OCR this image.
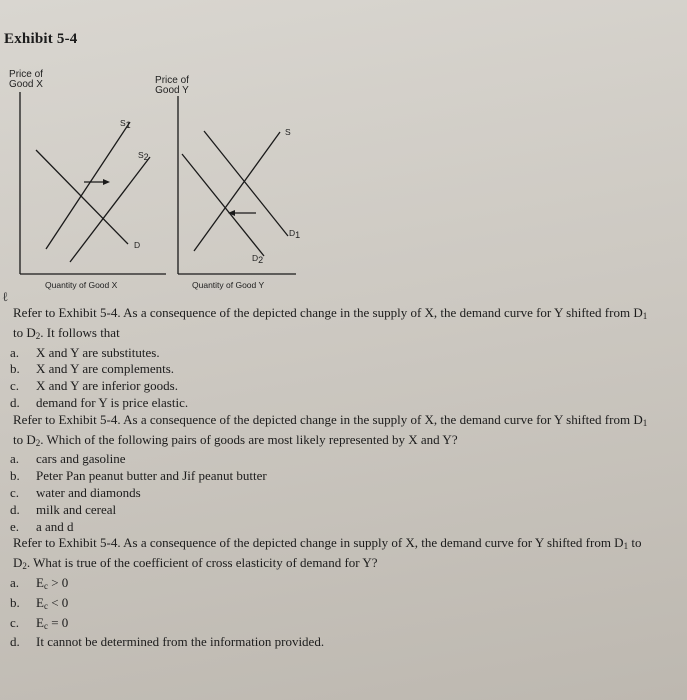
Exhibit 5-4
Price of
Good X
S1
S2
D
Quantity of Good X
Price of
Good Y
S
D1
D2
Quantity of Good Y
ℓ
Refer to Exhibit 5-4. As a consequence of the depicted change in the supply of X, the demand curve for Y shifted from $D_1$ to $D_2$. It follows that
a. X and Y are substitutes.
b. X and Y are complements.
c. X and Y are inferior goods.
d. demand for Y is price elastic.
Refer to Exhibit 5-4. As a consequence of the depicted change in the supply of X, the demand curve for Y shifted from $D_1$ to $D_2$. Which of the following pairs of goods are most likely represented by X and Y?
a. cars and gasoline
b. Peter Pan peanut butter and Jif peanut butter
c. water and diamonds
d. milk and cereal
e. a and d
Refer to Exhibit 5-4. As a consequence of the depicted change in supply of X, the demand curve for Y shifted from $D_1$ to $D_2$. What is true of the coefficient of cross elasticity of demand for Y?
a. $E_c > 0$
b. $E_c < 0$
c. $E_c = 0$
d. It cannot be determined from the information provided.
